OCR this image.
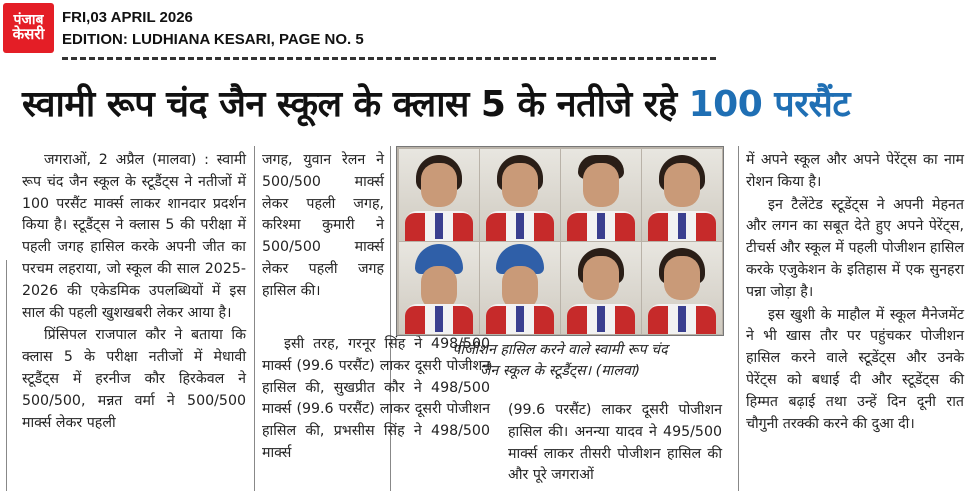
पंजाब
केसरी
FRI,03 APRIL 2026
EDITION: LUDHIANA KESARI, PAGE NO. 5
स्वामी रूप चंद जैन स्कूल के क्लास 5 के नतीजे रहे 100 परसैंट

जगराओं, 2 अप्रैल (मालवा) : स्वामी रूप चंद जैन स्कूल के स्टूडैंट्स ने नतीजों में 100 परसैंट मार्क्स लाकर शानदार प्रदर्शन किया है। स्टूडैंट्स ने क्लास 5 की परीक्षा में पहली जगह हासिल करके अपनी जीत का परचम लहराया, जो स्कूल की साल 2025-2026 की एकेडमिक उपलब्धियों में इस साल की पहली खुशखबरी लेकर आया है।

प्रिंसिपल राजपाल कौर ने बताया कि क्लास 5 के परीक्षा नतीजों में मेधावी स्टूडैंट्स में हरनीज कौर हिरकेवल ने 500/500, मन्नत वर्मा ने 500/500 मार्क्स लेकर पहली

जगह, युवान रेलन ने 500/500 मार्क्स लेकर पहली जगह, करिश्मा कुमारी ने 500/500 मार्क्स लेकर पहली जगह हासिल की।

इसी तरह, गरनूर सिंह ने 498/500 मार्क्स (99.6 परसैंट) लाकर दूसरी पोजीशन हासिल की, सुखप्रीत कौर ने 498/500 मार्क्स (99.6 परसैंट) लाकर दूसरी पोजीशन हासिल की, प्रभसीस सिंह ने 498/500 मार्क्स

पोजीशन हासिल करने वाले स्वामी रूप चंद
जैन स्कूल के स्टूडैंट्स। (मालवा)

(99.6 परसैंट) लाकर दूसरी पोजीशन हासिल की। अनन्या यादव ने 495/500 मार्क्स लाकर तीसरी पोजीशन हासिल की और पूरे जगराओं

में अपने स्कूल और अपने पेरेंट्स का नाम रोशन किया है।

इन टैलेंटेड स्टूडेंट्स ने अपनी मेहनत और लगन का सबूत देते हुए अपने पेरेंट्स, टीचर्स और स्कूल में पहली पोजीशन हासिल करके एजुकेशन के इतिहास में एक सुनहरा पन्ना जोड़ा है।

इस खुशी के माहौल में स्कूल मैनेजमेंट ने भी खास तौर पर पहुंचकर पोजीशन हासिल करने वाले स्टूडेंट्स और उनके पेरेंट्स को बधाई दी और स्टूडेंट्स की हिम्मत बढ़ाई तथा उन्हें दिन दूनी रात चौगुनी तरक्की करने की दुआ दी।
